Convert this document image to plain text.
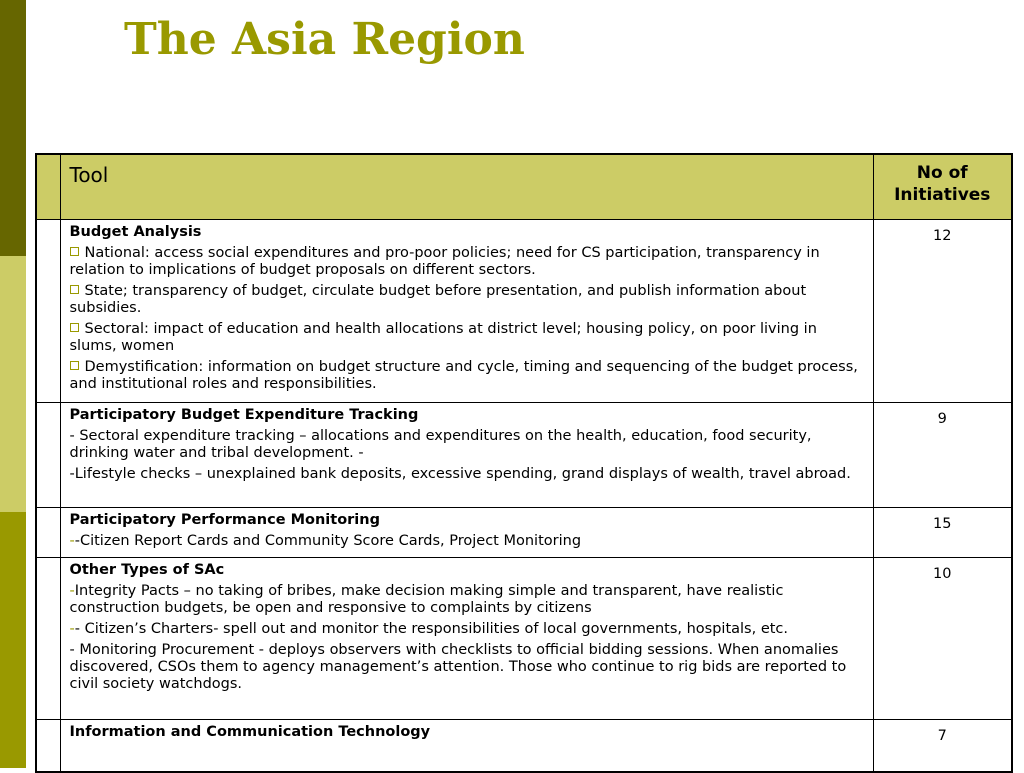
The Asia Region
	Tool	No of Initiatives

	Budget Analysis
National: access social expenditures and pro-poor policies; need for CS participation, transparency in relation to implications of budget proposals on different sectors.
State; transparency of budget, circulate budget before presentation, and publish information about subsidies.
Sectoral: impact of education and health allocations at district level; housing policy, on poor living in slums, women
Demystification: information on budget structure and cycle, timing and sequencing of the budget process, and institutional roles and responsibilities.	12

	Participatory Budget Expenditure Tracking
- Sectoral expenditure tracking – allocations and expenditures on the health, education, food security, drinking water and tribal development. -
-Lifestyle checks – unexplained bank deposits, excessive spending, grand displays of wealth, travel abroad.	9

	Participatory Performance Monitoring
--Citizen Report Cards and Community Score Cards, Project Monitoring	15

	Other Types of SAc
-Integrity Pacts – no taking of bribes, make decision making simple and transparent, have realistic construction budgets, be open and responsive to complaints by citizens
-- Citizen’s Charters- spell out and monitor the responsibilities of local governments, hospitals, etc.
- Monitoring Procurement - deploys observers with checklists to official bidding sessions. When anomalies discovered, CSOs them to agency management’s attention. Those who continue to rig bids are reported to civil society watchdogs.	10

	Information and Communication Technology	7
